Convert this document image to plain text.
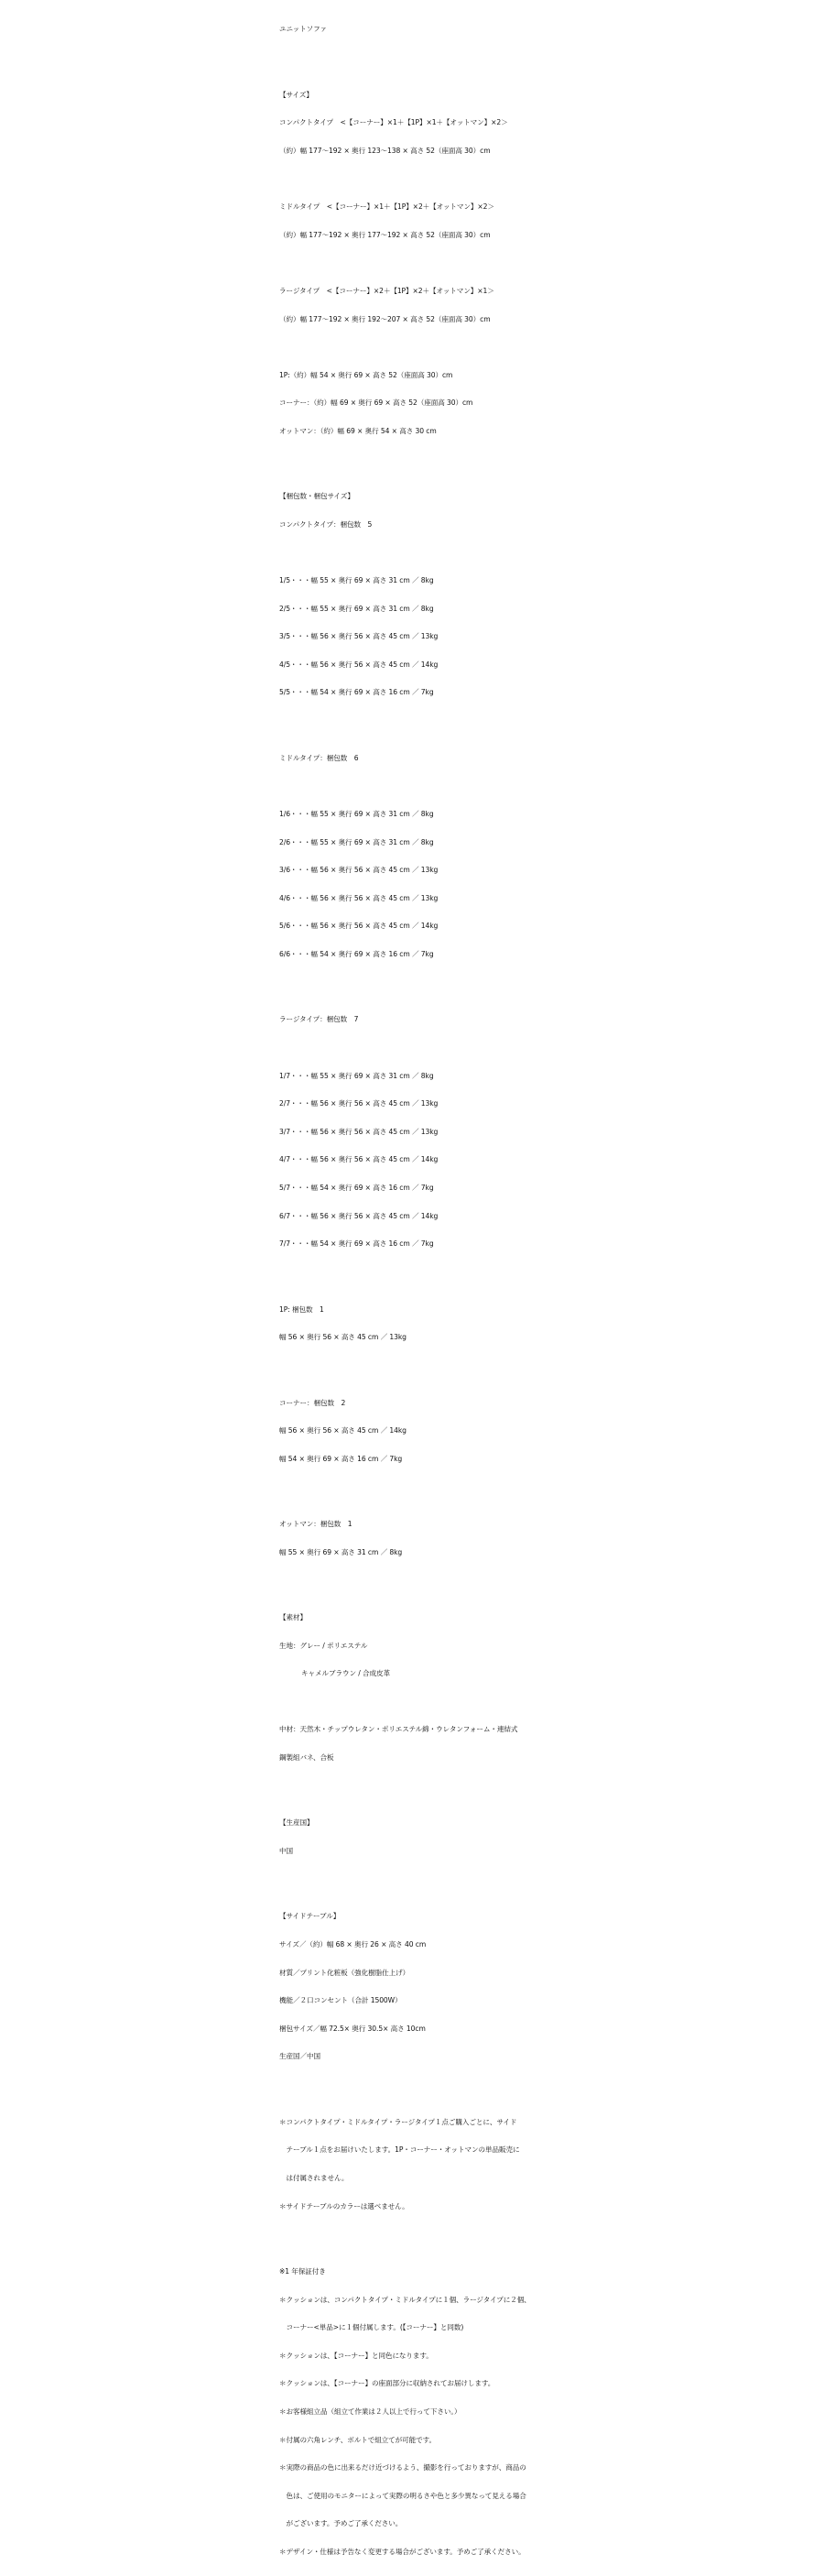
ユニットソファ

【サイズ】

コンパクトタイプ　<【コーナー】×1＋【1P】×1＋【オットマン】×2＞

（約）幅 177〜192 × 奥行 123〜138 × 高さ 52（座面高 30）cm

ミドルタイプ　<【コーナー】×1＋【1P】×2＋【オットマン】×2＞

（約）幅 177〜192 × 奥行 177〜192 × 高さ 52（座面高 30）cm

ラージタイプ　<【コーナー】×2＋【1P】×2＋【オットマン】×1＞

（約）幅 177〜192 × 奥行 192〜207 × 高さ 52（座面高 30）cm

1P:（約）幅 54 × 奥行 69 × 高さ 52（座面高 30）cm

コーナー：（約）幅 69 × 奥行 69 × 高さ 52（座面高 30）cm

オットマン：（約）幅 69 × 奥行 54 × 高さ 30 cm

【梱包数・梱包サイズ】

コンパクトタイプ：梱包数　5

1/5・・・幅 55 × 奥行 69 × 高さ 31 cm ／ 8kg

2/5・・・幅 55 × 奥行 69 × 高さ 31 cm ／ 8kg

3/5・・・幅 56 × 奥行 56 × 高さ 45 cm ／ 13kg

4/5・・・幅 56 × 奥行 56 × 高さ 45 cm ／ 14kg

5/5・・・幅 54 × 奥行 69 × 高さ 16 cm ／ 7kg

ミドルタイプ：梱包数　6

1/6・・・幅 55 × 奥行 69 × 高さ 31 cm ／ 8kg

2/6・・・幅 55 × 奥行 69 × 高さ 31 cm ／ 8kg

3/6・・・幅 56 × 奥行 56 × 高さ 45 cm ／ 13kg

4/6・・・幅 56 × 奥行 56 × 高さ 45 cm ／ 13kg

5/6・・・幅 56 × 奥行 56 × 高さ 45 cm ／ 14kg

6/6・・・幅 54 × 奥行 69 × 高さ 16 cm ／ 7kg

ラージタイプ：梱包数　7

1/7・・・幅 55 × 奥行 69 × 高さ 31 cm ／ 8kg

2/7・・・幅 56 × 奥行 56 × 高さ 45 cm ／ 13kg

3/7・・・幅 56 × 奥行 56 × 高さ 45 cm ／ 13kg

4/7・・・幅 56 × 奥行 56 × 高さ 45 cm ／ 14kg

5/7・・・幅 54 × 奥行 69 × 高さ 16 cm ／ 7kg

6/7・・・幅 56 × 奥行 56 × 高さ 45 cm ／ 14kg

7/7・・・幅 54 × 奥行 69 × 高さ 16 cm ／ 7kg

1P: 梱包数　1

幅 56 × 奥行 56 × 高さ 45 cm ／ 13kg

コーナー：梱包数　2

幅 56 × 奥行 56 × 高さ 45 cm ／ 14kg

幅 54 × 奥行 69 × 高さ 16 cm ／ 7kg

オットマン：梱包数　1

幅 55 × 奥行 69 × 高さ 31 cm ／ 8kg

【素材】

生地：グレー / ポリエステル

キャメルブラウン / 合成皮革

中材：天然木・チップウレタン・ポリエステル綿・ウレタンフォーム・連結式

鋼製組バネ、合板

【生産国】

中国

【サイドテーブル】

サイズ／（約）幅 68 × 奥行 26 × 高さ 40 cm

材質／プリント化粧板（強化樹脂仕上げ）

機能／２口コンセント（合計 1500W）

梱包サイズ／幅 72.5× 奥行 30.5× 高さ 10cm

生産国／中国

＊コンパクトタイプ・ミドルタイプ・ラージタイプ１点ご購入ごとに、サイド

　テーブル１点をお届けいたします。1P・コーナー・オットマンの単品販売に

　は付属されません。

＊サイドテーブルのカラーは選べません。

※1 年保証付き

＊クッションは、コンパクトタイプ・ミドルタイプに１個、ラージタイプに２個、

　コーナー<単品>に１個付属します。(【コーナー】と同数)

＊クッションは、【コーナー】と同色になります。

＊クッションは、【コーナー】の座面部分に収納されてお届けします。

＊お客様組立品（組立て作業は２人以上で行って下さい。）

＊付属の六角レンチ、ボルトで組立てが可能です。

＊実際の商品の色に出来るだけ近づけるよう、撮影を行っておりますが、商品の

　色は、ご使用のモニターによって実際の明るさや色と多少異なって見える場合

　がございます。予めご了承ください。

＊デザイン・仕様は予告なく変更する場合がございます。予めご了承ください。
